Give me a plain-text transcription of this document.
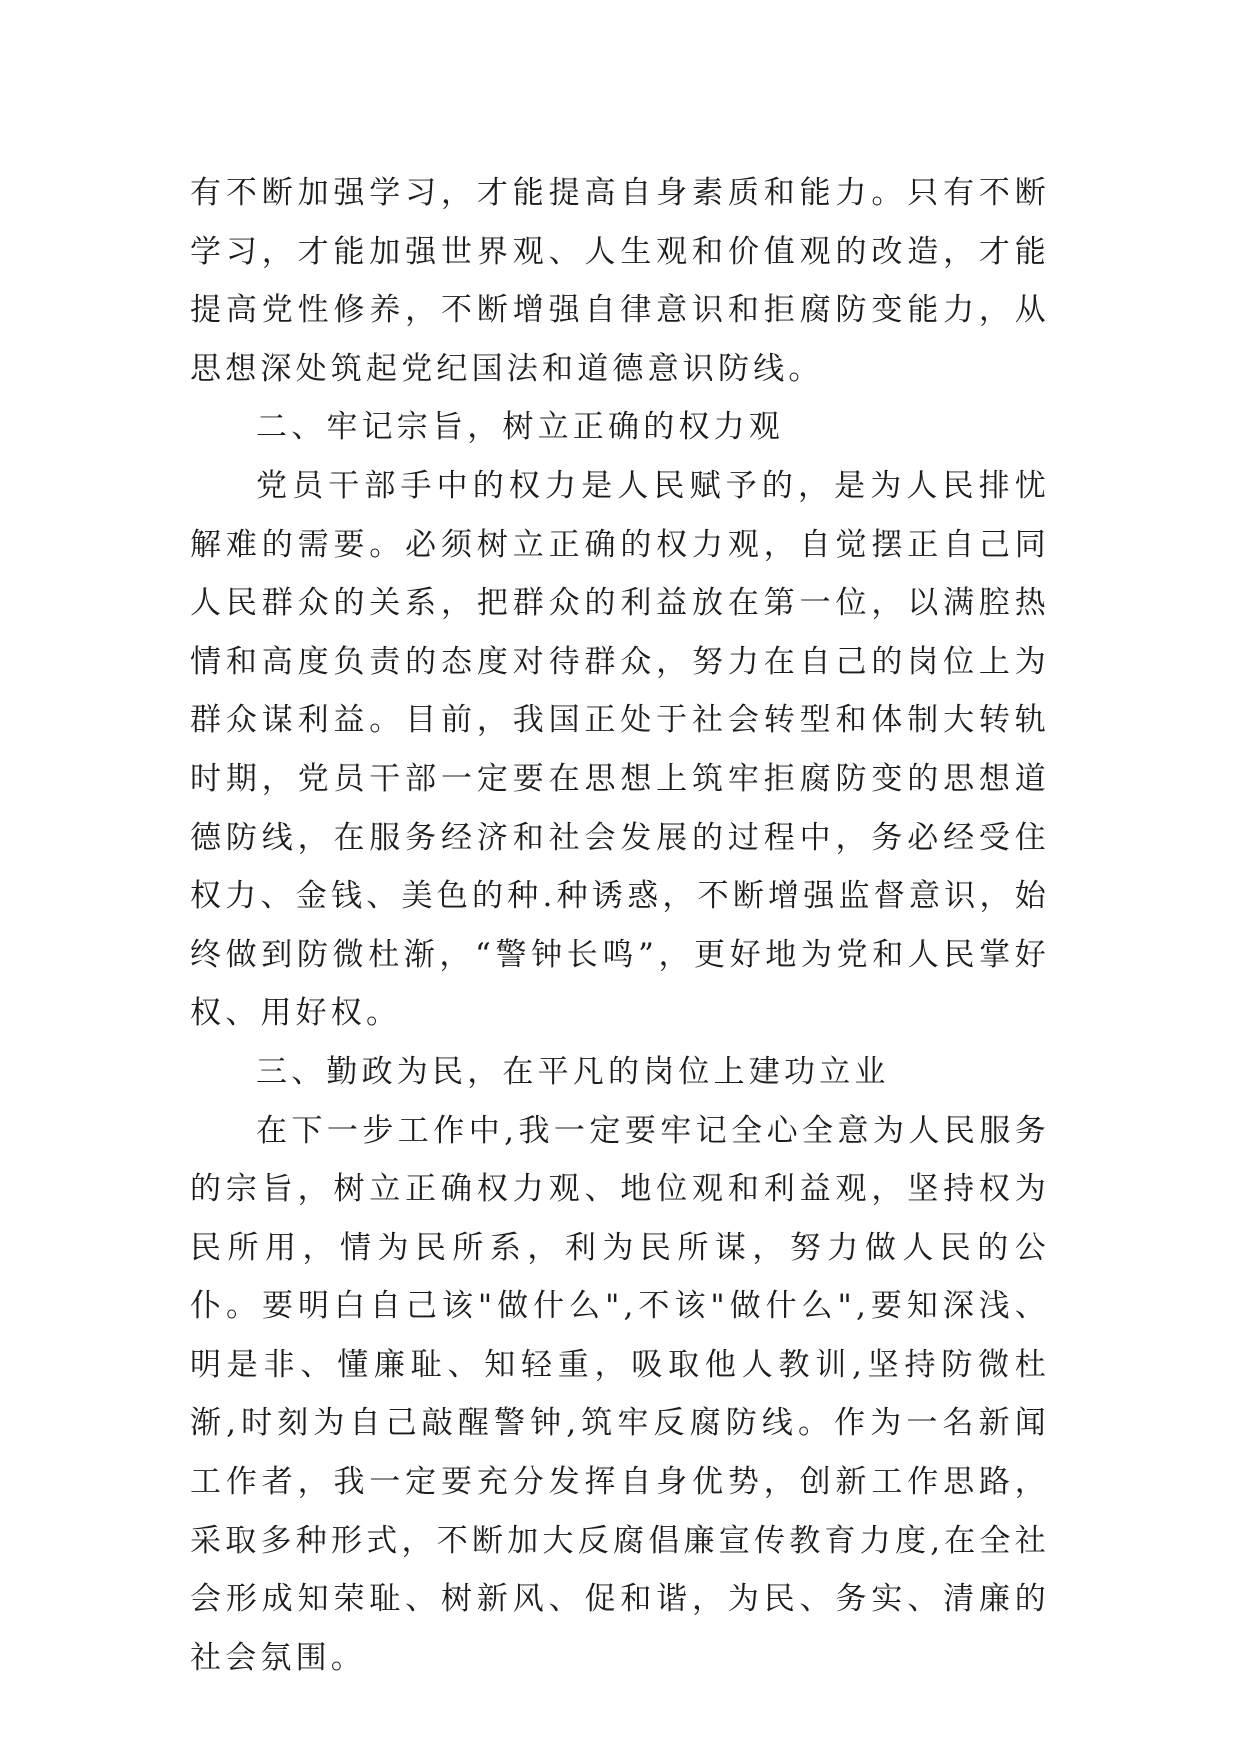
有不断加强学习，才能提高自身素质和能力。只有不断学习，才能加强世界观、人生观和价值观的改造，才能提高党性修养，不断增强自律意识和拒腐防变能力，从思想深处筑起党纪国法和道德意识防线。

二、牢记宗旨，树立正确的权力观

党员干部手中的权力是人民赋予的，是为人民排忧解难的需要。必须树立正确的权力观，自觉摆正自己同人民群众的关系，把群众的利益放在第一位，以满腔热情和高度负责的态度对待群众，努力在自己的岗位上为群众谋利益。目前，我国正处于社会转型和体制大转轨时期，党员干部一定要在思想上筑牢拒腐防变的思想道德防线，在服务经济和社会发展的过程中，务必经受住权力、金钱、美色的种.种诱惑，不断增强监督意识，始终做到防微杜渐，“警钟长鸣”，更好地为党和人民掌好权、用好权。

三、勤政为民，在平凡的岗位上建功立业

在下一步工作中,我一定要牢记全心全意为人民服务的宗旨，树立正确权力观、地位观和利益观，坚持权为民所用，情为民所系，利为民所谋，努力做人民的公仆。要明白自己该"做什么",不该"做什么",要知深浅、明是非、懂廉耻、知轻重，吸取他人教训,坚持防微杜渐,时刻为自己敲醒警钟,筑牢反腐防线。作为一名新闻工作者，我一定要充分发挥自身优势，创新工作思路，采取多种形式，不断加大反腐倡廉宣传教育力度,在全社会形成知荣耻、树新风、促和谐，为民、务实、清廉的社会氛围。
